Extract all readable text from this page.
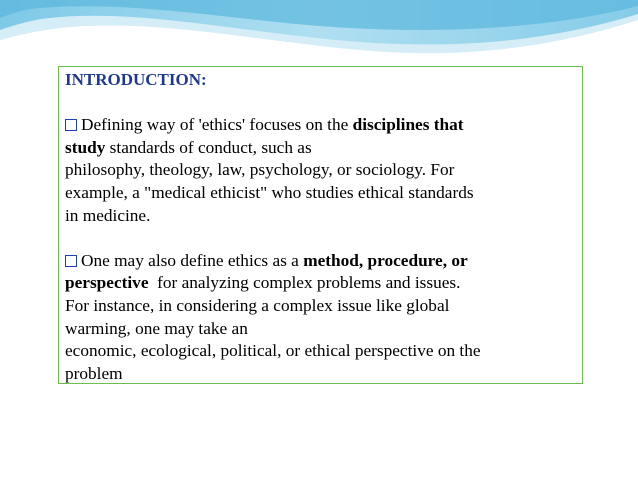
INTRODUCTION:
Defining way of 'ethics' focuses on the disciplines that
study standards of conduct, such as
philosophy, theology, law, psychology, or sociology. For
example, a "medical ethicist" who studies ethical standards
in medicine.
One may also define ethics as a method, procedure, or
perspective  for analyzing complex problems and issues.
For instance, in considering a complex issue like global
warming, one may take an
economic, ecological, political, or ethical perspective on the
problem
